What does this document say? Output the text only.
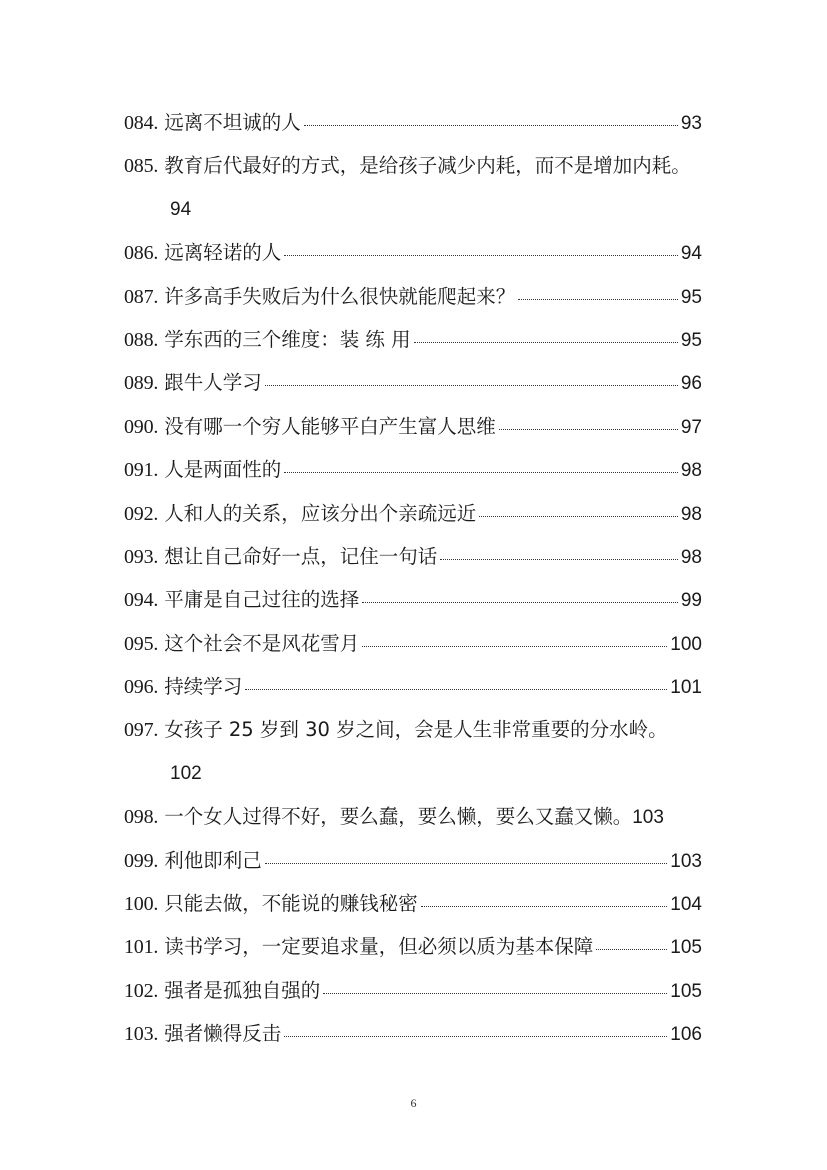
084. 远离不坦诚的人	93
085. 教育后代最好的方式，是给孩子减少内耗，而不是增加内耗。
94
086. 远离轻诺的人	94
087. 许多高手失败后为什么很快就能爬起来？	95
088. 学东西的三个维度：装 练 用	95
089. 跟牛人学习	96
090. 没有哪一个穷人能够平白产生富人思维	97
091. 人是两面性的	98
092. 人和人的关系，应该分出个亲疏远近	98
093. 想让自己命好一点，记住一句话	98
094. 平庸是自己过往的选择	99
095. 这个社会不是风花雪月	100
096. 持续学习	101
097. 女孩子 25 岁到 30 岁之间，会是人生非常重要的分水岭。
102
098. 一个女人过得不好，要么蠢，要么懒，要么又蠢又懒。 103
099. 利他即利己	103
100. 只能去做，不能说的赚钱秘密	104
101. 读书学习，一定要追求量，但必须以质为基本保障	105
102. 强者是孤独自强的	105
103. 强者懒得反击	106
6
